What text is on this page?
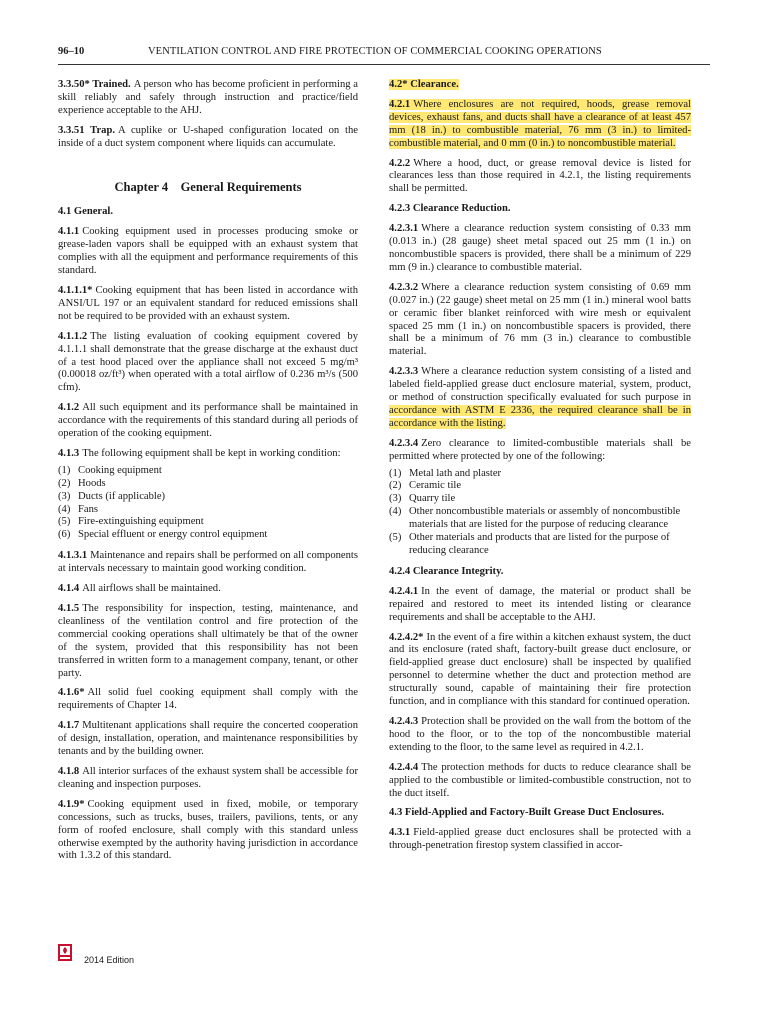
96–10	VENTILATION CONTROL AND FIRE PROTECTION OF COMMERCIAL COOKING OPERATIONS

3.3.50* Trained. A person who has become proficient in performing a skill reliably and safely through instruction and practice/field experience acceptable to the AHJ.

3.3.51 Trap. A cuplike or U-shaped configuration located on the inside of a duct system component where liquids can accumulate.

Chapter 4    General Requirements
4.1 General.

4.1.1 Cooking equipment used in processes producing smoke or grease-laden vapors shall be equipped with an exhaust system that complies with all the equipment and performance requirements of this standard.

4.1.1.1* Cooking equipment that has been listed in accordance with ANSI/UL 197 or an equivalent standard for reduced emissions shall not be required to be provided with an exhaust system.

4.1.1.2 The listing evaluation of cooking equipment covered by 4.1.1.1 shall demonstrate that the grease discharge at the exhaust duct of a test hood placed over the appliance shall not exceed 5 mg/m³ (0.00018 oz/ft³) when operated with a total airflow of 0.236 m³/s (500 cfm).

4.1.2 All such equipment and its performance shall be maintained in accordance with the requirements of this standard during all periods of operation of the cooking equipment.

4.1.3 The following equipment shall be kept in working condition:

(1) Cooking equipment
(2) Hoods
(3) Ducts (if applicable)
(4) Fans
(5) Fire-extinguishing equipment
(6) Special effluent or energy control equipment

4.1.3.1 Maintenance and repairs shall be performed on all components at intervals necessary to maintain good working condition.

4.1.4 All airflows shall be maintained.

4.1.5 The responsibility for inspection, testing, maintenance, and cleanliness of the ventilation control and fire protection of the commercial cooking operations shall ultimately be that of the owner of the system, provided that this responsibility has not been transferred in written form to a management company, tenant, or other party.

4.1.6* All solid fuel cooking equipment shall comply with the requirements of Chapter 14.

4.1.7 Multitenant applications shall require the concerted cooperation of design, installation, operation, and maintenance responsibilities by tenants and by the building owner.

4.1.8 All interior surfaces of the exhaust system shall be accessible for cleaning and inspection purposes.

4.1.9* Cooking equipment used in fixed, mobile, or temporary concessions, such as trucks, buses, trailers, pavilions, tents, or any form of roofed enclosure, shall comply with this standard unless otherwise exempted by the authority having jurisdiction in accordance with 1.3.2 of this standard.

4.2* Clearance.

4.2.1 Where enclosures are not required, hoods, grease removal devices, exhaust fans, and ducts shall have a clearance of at least 457 mm (18 in.) to combustible material, 76 mm (3 in.) to limited-combustible material, and 0 mm (0 in.) to noncombustible material.

4.2.2 Where a hood, duct, or grease removal device is listed for clearances less than those required in 4.2.1, the listing requirements shall be permitted.

4.2.3 Clearance Reduction.

4.2.3.1 Where a clearance reduction system consisting of 0.33 mm (0.013 in.) (28 gauge) sheet metal spaced out 25 mm (1 in.) on noncombustible spacers is provided, there shall be a minimum of 229 mm (9 in.) clearance to combustible material.

4.2.3.2 Where a clearance reduction system consisting of 0.69 mm (0.027 in.) (22 gauge) sheet metal on 25 mm (1 in.) mineral wool batts or ceramic fiber blanket reinforced with wire mesh or equivalent spaced 25 mm (1 in.) on noncombustible spacers is provided, there shall be a minimum of 76 mm (3 in.) clearance to combustible material.

4.2.3.3 Where a clearance reduction system consisting of a listed and labeled field-applied grease duct enclosure material, system, product, or method of construction specifically evaluated for such purpose in accordance with ASTM E 2336, the required clearance shall be in accordance with the listing.

4.2.3.4 Zero clearance to limited-combustible materials shall be permitted where protected by one of the following:

(1) Metal lath and plaster
(2) Ceramic tile
(3) Quarry tile
(4) Other noncombustible materials or assembly of noncombustible materials that are listed for the purpose of reducing clearance
(5) Other materials and products that are listed for the purpose of reducing clearance
4.2.4 Clearance Integrity.

4.2.4.1 In the event of damage, the material or product shall be repaired and restored to meet its intended listing or clearance requirements and shall be acceptable to the AHJ.

4.2.4.2* In the event of a fire within a kitchen exhaust system, the duct and its enclosure (rated shaft, factory-built grease duct enclosure, or field-applied grease duct enclosure) shall be inspected by qualified personnel to determine whether the duct and protection method are structurally sound, capable of maintaining their fire protection function, and in compliance with this standard for continued operation.

4.2.4.3 Protection shall be provided on the wall from the bottom of the hood to the floor, or to the top of the noncombustible material extending to the floor, to the same level as required in 4.2.1.

4.2.4.4 The protection methods for ducts to reduce clearance shall be applied to the combustible or limited-combustible construction, not to the duct itself.

4.3 Field-Applied and Factory-Built Grease Duct Enclosures.

4.3.1 Field-applied grease duct enclosures shall be protected with a through-penetration firestop system classified in accor-

2014 Edition
